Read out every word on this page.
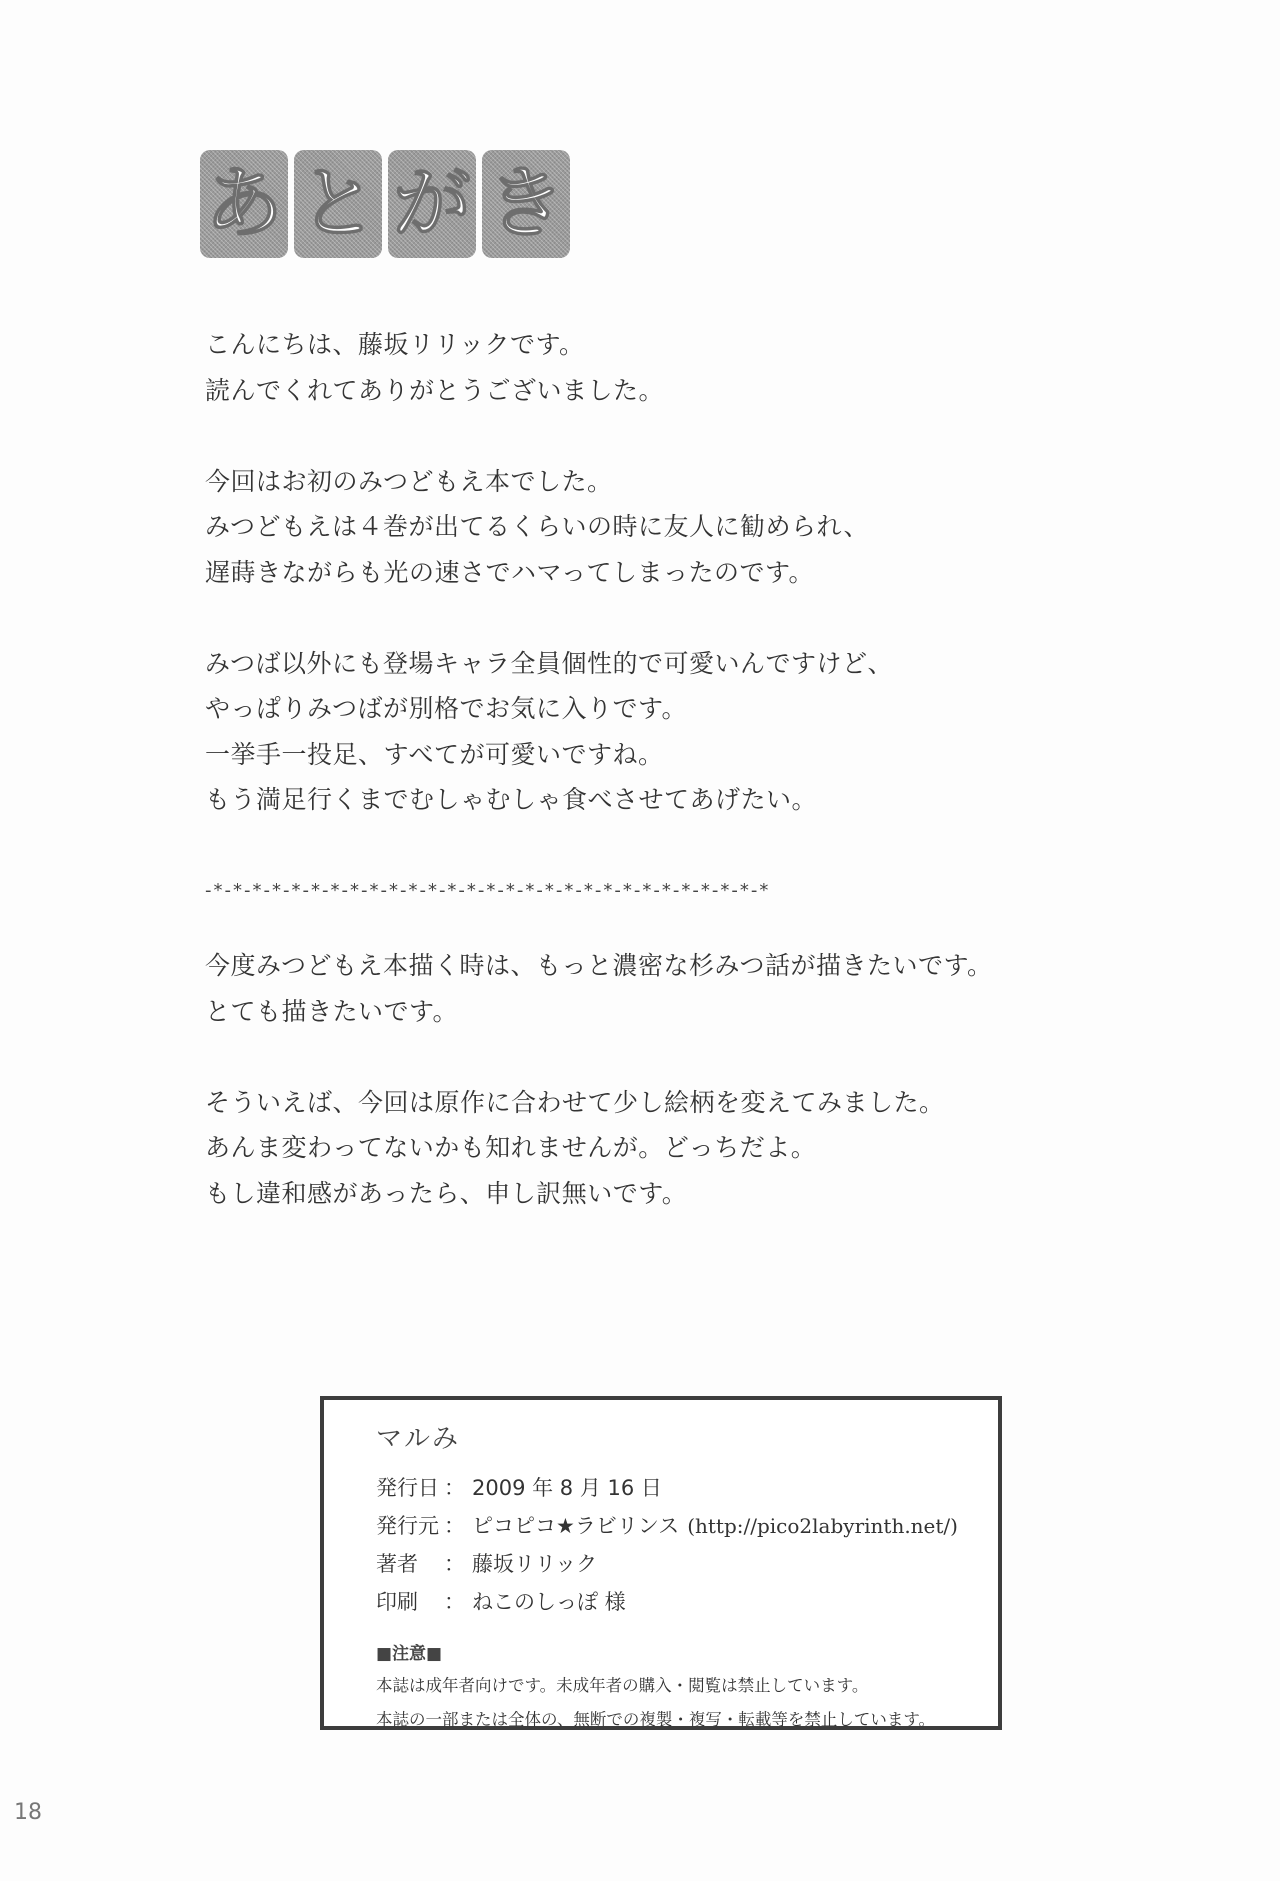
あ と が き
こんにちは、藤坂リリックです。
読んでくれてありがとうございました。
今回はお初のみつどもえ本でした。
みつどもえは４巻が出てるくらいの時に友人に勧められ、
遅蒔きながらも光の速さでハマってしまったのです。
みつば以外にも登場キャラ全員個性的で可愛いんですけど、
やっぱりみつばが別格でお気に入りです。
一挙手一投足、すべてが可愛いですね。
もう満足行くまでむしゃむしゃ食べさせてあげたい。
-*-*-*-*-*-*-*-*-*-*-*-*-*-*-*-*-*-*-*-*-*-*-*-*-*-*-*-*-*
今度みつどもえ本描く時は、もっと濃密な杉みつ話が描きたいです。
とても描きたいです。
そういえば、今回は原作に合わせて少し絵柄を変えてみました。
あんま変わってないかも知れませんが。どっちだよ。
もし違和感があったら、申し訳無いです。
マルみ
発行日 ： 2009 年 8 月 16 日
発行元 ： ピコピコ★ラビリンス (http://pico2labyrinth.net/)
著者	： 藤坂リリック
印刷	： ねこのしっぽ 様
■注意■
本誌は成年者向けです。未成年者の購入・閲覧は禁止しています。
本誌の一部または全体の、無断での複製・複写・転載等を禁止しています。
18
